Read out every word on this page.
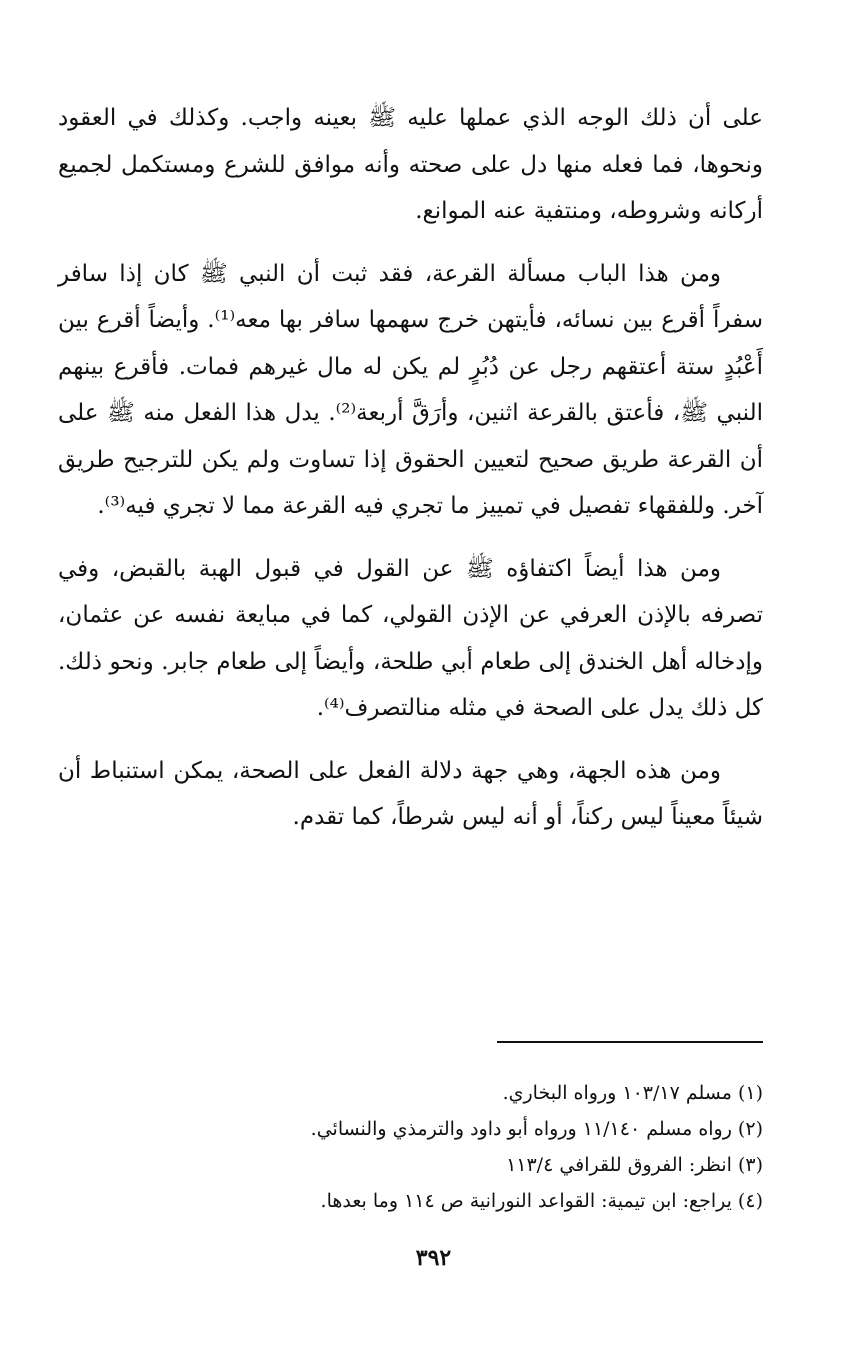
على أن ذلك الوجه الذي عملها عليه ﷺ بعينه واجب. وكذلك في العقود ونحوها، فما فعله منها دل على صحته وأنه موافق للشرع ومستكمل لجميع أركانه وشروطه، ومنتفية عنه الموانع.

ومن هذا الباب مسألة القرعة، فقد ثبت أن النبي ﷺ كان إذا سافر سفراً أقرع بين نسائه، فأيتهن خرج سهمها سافر بها معه⁽¹⁾. وأيضاً أقرع بين أَعْبُدٍ ستة أعتقهم رجل عن دُبُرٍ لم يكن له مال غيرهم فمات. فأقرع بينهم النبي ﷺ، فأعتق بالقرعة اثنين، وأرَقَّ أربعة⁽²⁾. يدل هذا الفعل منه ﷺ على أن القرعة طريق صحيح لتعيين الحقوق إذا تساوت ولم يكن للترجيح طريق آخر. وللفقهاء تفصيل في تمييز ما تجري فيه القرعة مما لا تجري فيه⁽³⁾.

ومن هذا أيضاً اكتفاؤه ﷺ عن القول في قبول الهبة بالقبض، وفي تصرفه بالإذن العرفي عن الإذن القولي، كما في مبايعة نفسه عن عثمان، وإدخاله أهل الخندق إلى طعام أبي طلحة، وأيضاً إلى طعام جابر. ونحو ذلك. كل ذلك يدل على الصحة في مثله منالتصرف⁽⁴⁾.

ومن هذه الجهة، وهي جهة دلالة الفعل على الصحة، يمكن استنباط أن شيئاً معيناً ليس ركناً، أو أنه ليس شرطاً، كما تقدم.

(١) مسلم ١٠٣/١٧ ورواه البخاري.
(٢) رواه مسلم ١١/١٤٠ ورواه أبو داود والترمذي والنسائي.
(٣) انظر: الفروق للقرافي ١١٣/٤
(٤) يراجع: ابن تيمية: القواعد النورانية ص ١١٤ وما بعدها.
٣٩٢
